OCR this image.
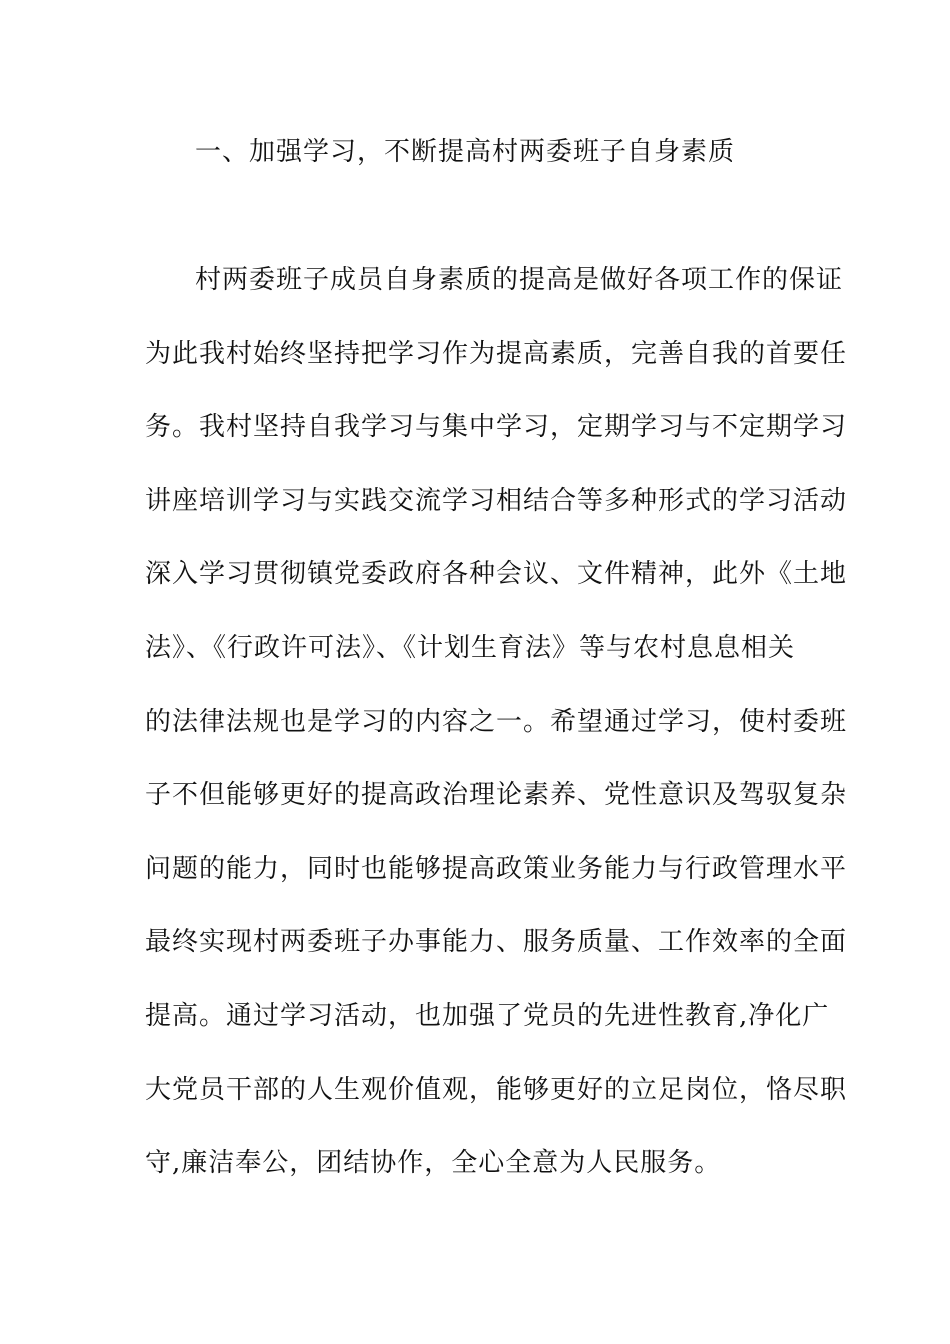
一、加强学习，不断提高村两委班子自身素质
村两委班子成员自身素质的提高是做好各项工作的保证
为此我村始终坚持把学习作为提高素质，完善自我的首要任
务。我村坚持自我学习与集中学习，定期学习与不定期学习
讲座培训学习与实践交流学习相结合等多种形式的学习活动
深入学习贯彻镇党委政府各种会议、文件精神，此外《土地
法》、《行政许可法》、《计划生育法》等与农村息息相关
的法律法规也是学习的内容之一。希望通过学习，使村委班
子不但能够更好的提高政治理论素养、党性意识及驾驭复杂
问题的能力，同时也能够提高政策业务能力与行政管理水平
最终实现村两委班子办事能力、服务质量、工作效率的全面
提高。通过学习活动，也加强了党员的先进性教育,净化广
大党员干部的人生观价值观，能够更好的立足岗位，恪尽职
守,廉洁奉公，团结协作，全心全意为人民服务。
